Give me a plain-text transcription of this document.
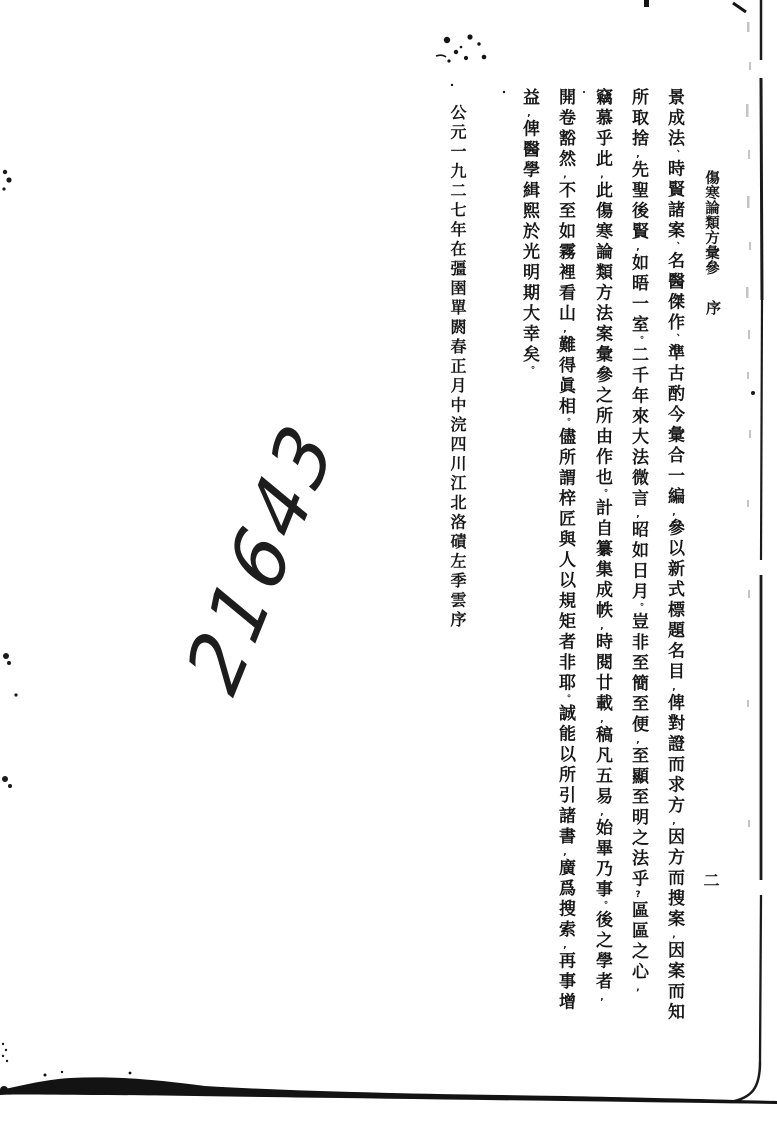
傷寒論類方彙參
序
二
景成法、時賢諸案、名醫傑作、準古酌今彙合一編,參以新式標題名目,俾對證而求方,因方而搜案,因案而知
所取捨,先聖後賢,如晤一室。二千年來大法微言,昭如日月。豈非至簡至便,至顯至明之法乎?區區之心,
竊慕乎此,此傷寒論類方法案彙參之所由作也。計自纂集成帙,時閱廿載,稿凡五易,始畢乃事。後之學者,
開卷豁然,不至如霧裡看山,難得眞相。儘所謂梓匠與人以規矩者非耶。誠能以所引諸書,廣爲搜索,再事增
益,俾醫學緝熙於光明期大幸矣。
公元一九二七年在彊圉單閼春正月中浣四川江北洛磧左季雲序
21643
